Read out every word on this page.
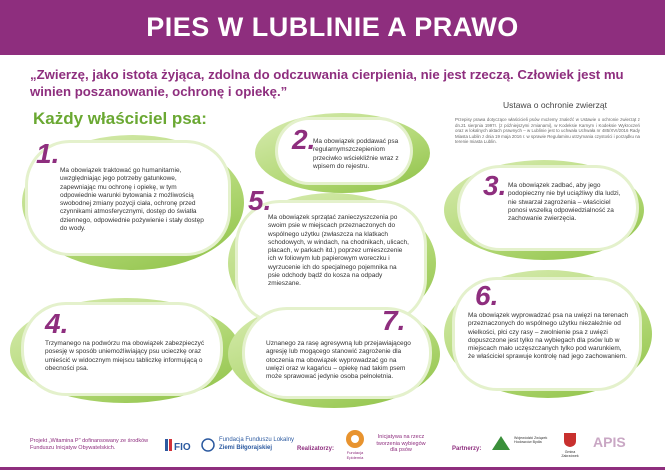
PIES W LUBLINIE A PRAWO
„Zwierzę, jako istota żyjąca, zdolna do odczuwania cierpienia, nie jest rzeczą. Człowiek jest mu winien poszanowanie, ochronę i opiekę.”
Każdy właściciel psa:
Ustawa o ochronie zwierząt
Przepisy prawa dotyczące właścicieli psów możemy znaleźć w Ustawie o ochronie zwierząt z dn.21 sierpnia 1997r. (z późniejszymi zmianami), w Kodeksie Karnym i Kodeksie Wykroczeń oraz w lokalnych aktach prawnych – w Lublinie jest to uchwała Uchwała nr 485/XVI/2016 Rady Miasta Lublin z dnia 19 maja 2016 r. w sprawie Regulaminu utrzymania czystości i porządku na terenie miasta Lublin.
1.	2.
3.
4.
5.
6.
7.
Ma obowiązek traktować go humanitarnie, uwzględniając jego potrzeby gatunkowe, zapewniając mu ochronę i opiekę, w tym odpowiednie warunki bytowania z możliwością swobodnej zmiany pozycji ciała, ochronę przed czynnikami atmosferycznymi, dostęp do światła dziennego, odpowiednie pożywienie i stały dostęp do wody.
Ma obowiązek poddawać psa regularnymszczepieniom przeciwko wściekliźnie wraz z wpisem do rejestru.
Ma obowiązek zadbać, aby jego podopieczny nie był uciążliwy dla ludzi, nie stwarzał zagrożenia – właściciel ponosi wszelką odpowiedzialność za zachowanie zwierzęcia.
Trzymanego na podwórzu ma obowiązek zabezpieczyć posesję w sposób uniemożliwiający psu ucieczkę oraz umieścić w widocznym miejscu tabliczkę informującą o obecności psa.
Ma obowiązek sprzątać zanieczyszczenia po swoim psie w miejscach przeznaczonych do wspólnego użytku (zwłaszcza na klatkach schodowych, w windach, na chodnikach, ulicach, placach, w parkach itd.) poprzez umieszczenie ich w foliowym lub papierowym woreczku i wyrzucenie ich do specjalnego pojemnika na psie odchody bądź do kosza na odpady zmieszane.
Ma obowiązek wyprowadzać psa na uwięzi na terenach przeznaczonych do wspólnego użytku niezależnie od wielkości, płci czy rasy – zwolnienie psa z uwięzi dopuszczone jest tylko na wybiegach dla psów lub w miejscach mało uczęszczanych tylko pod warunkiem, że właściciel sprawuje kontrolę nad jego zachowaniem.
Uznanego za rasę agresywną lub przejawiającego agresję lub mogącego stanowić zagrożenie dla otoczenia ma obowiązek wyprowadzać go na uwięzi oraz w kagańcu – opiekę nad takim psem może sprawować jedynie osoba pełnoletnia.
Projekt „Witamina P" dofinansowany ze środków Funduszu Inicjatyw Obywatelskich.	FIO
Fundacja Funduszu Lokalny
Ziemi Biłgorajskiej	Realizatorzy:
Fundacja Epidemia
Inicjatywa na rzecz tworzenia wybiegów dla psów	Partnerzy:
Wojewódzki Związek Hodowców Bydła
Gmina Zakrzówek
APIS
